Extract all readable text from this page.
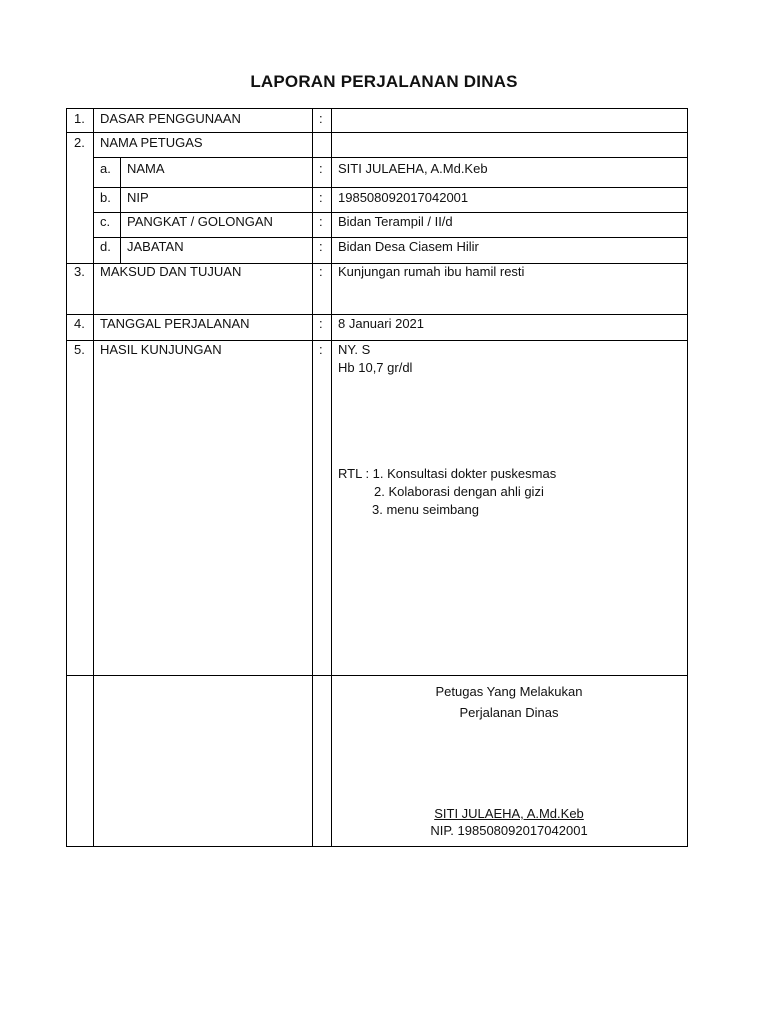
LAPORAN PERJALANAN DINAS
1. DASAR PENGGUNAAN	:
2. NAMA PETUGAS
a. NAMA	: SITI JULAEHA, A.Md.Keb
b. NIP	: 198508092017042001
c. PANGKAT / GOLONGAN	: Bidan Terampil / II/d
d. JABATAN	: Bidan Desa Ciasem Hilir
3. MAKSUD DAN TUJUAN	: Kunjungan rumah ibu hamil resti
4. TANGGAL PERJALANAN	: 8 Januari 2021
5. HASIL KUNJUNGAN	: NY. S
Hb 10,7 gr/dl
RTL : 1. Konsultasi dokter puskesmas
2. Kolaborasi dengan ahli gizi
3. menu seimbang
Petugas Yang Melakukan
Perjalanan Dinas
SITI JULAEHA, A.Md.Keb
NIP. 198508092017042001
